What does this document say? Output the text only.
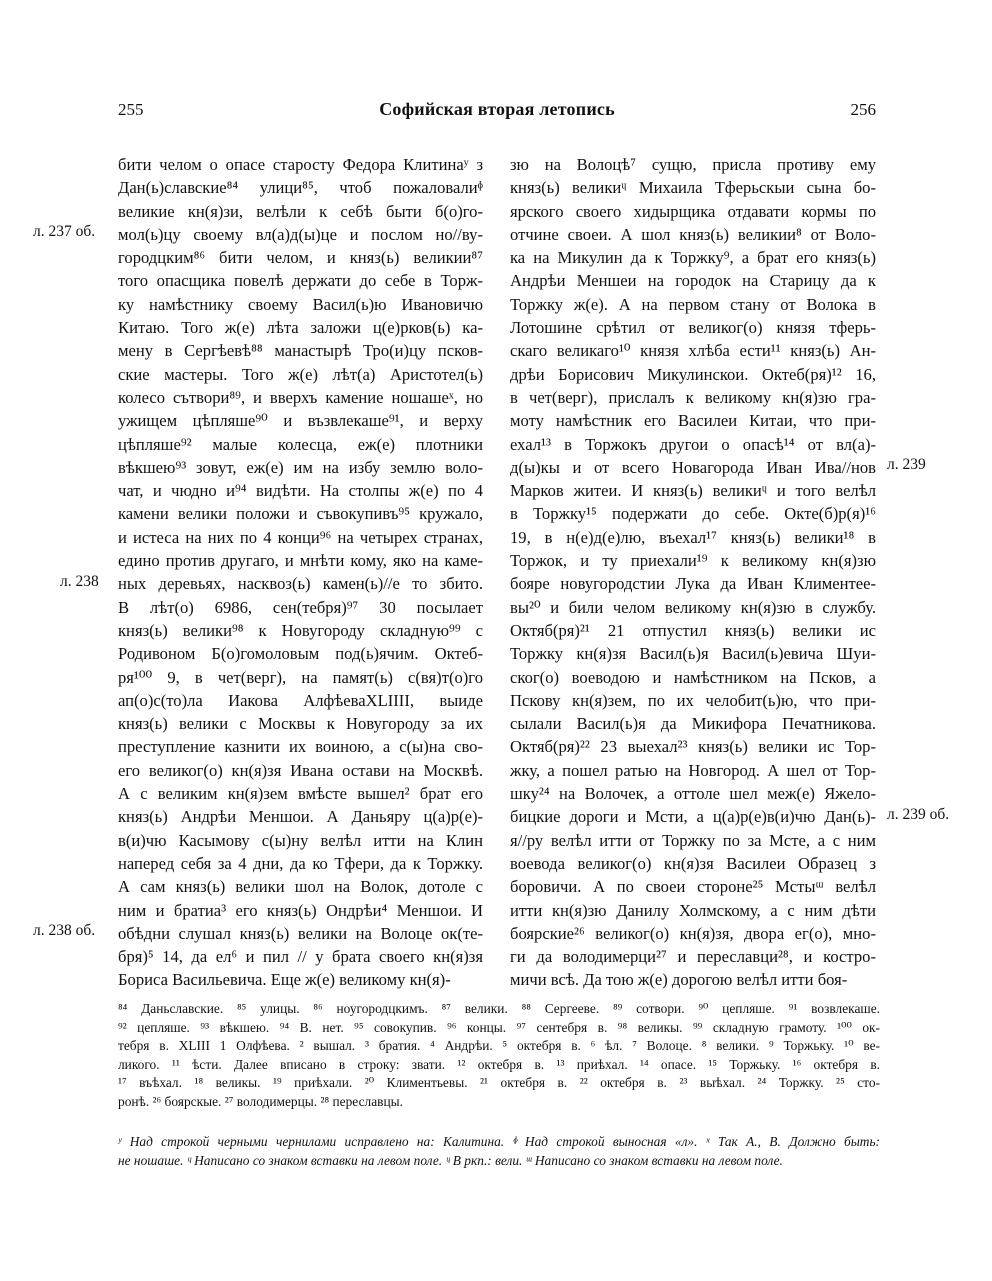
255	Софийская вторая летопись	256
бити челом о опасе старосту Федора Клитинаʸ з
Дан(ь)славские⁸⁴ улици⁸⁵, чтоб пожаловалиᶲ
великие кн(я)зи, велѣли к себѣ быти б(о)го-
мол(ь)цу своему вл(а)д(ы)це и послом но//ву-
городцким⁸⁶ бити челом, и княз(ь) великии⁸⁷
того опасщика повелѣ держати до себе в Торж-
ку намѣстнику своему Васил(ь)ю Ивановичю
Китаю. Того ж(е) лѣта заложи ц(е)рков(ь) ка-
мену в Сергѣевѣ⁸⁸ манастырѣ Тро(и)цу псков-
ские мастеры. Того ж(е) лѣт(а) Аристотел(ь)
колесо сътвори⁸⁹, и вверхъ камение ношашеˣ, но
ужищем цѣпляше⁹⁰ и възвлекаше⁹¹, и верху
цѣпляше⁹² малые колесца, еж(е) плотники
вѣкшею⁹³ зовут, еж(е) им на избу землю воло-
чат, и чюдно и⁹⁴ видѣти. На столпы ж(е) по 4
камени велики положи и съвокупивъ⁹⁵ кружало,
и истеса на них по 4 конци⁹⁶ на четырех странах,
едино против другаго, и мнѣти кому, яко на каме-
ных деревьях, насквоз(ь) камен(ь)//е то збито.
В лѣт(о) 6986, сен(тебря)⁹⁷ 30 посылает
княз(ь) велики⁹⁸ к Новугороду складную⁹⁹ с
Родивоном Б(о)гомоловым под(ь)ячим. Октеб-
ря¹⁰⁰ 9, в чет(верг), на памят(ь) с(вя)т(о)го
ап(о)с(то)ла Иакова АлфѣеваXLIIII, выиде
княз(ь) велики с Москвы к Новугороду за их
преступление казнити их воиною, а с(ы)на сво-
его великог(о) кн(я)зя Ивана остави на Москвѣ.
А с великим кн(я)зем вмѣсте вышел² брат его
княз(ь) Андрѣи Меншои. А Даньяру ц(а)р(е)-
в(и)чю Касымову с(ы)ну велѣл итти на Клин
наперед себя за 4 дни, да ко Тфери, да к Торжку.
А сам княз(ь) велики шол на Волок, дотоле с
ним и братиа³ его княз(ь) Ондрѣи⁴ Меншои. И
обѣдни слушал княз(ь) велики на Волоце ок(те-
бря)⁵ 14, да ел⁶ и пил // у брата своего кн(я)зя
Бориса Васильевича. Еще ж(е) великому кн(я)-
зю на Волоцѣ⁷ сущю, присла противу ему
княз(ь) великиᶣ Михаила Тферьскыи сына бо-
ярского своего хидырщика отдавати кормы по
отчине своеи. А шол княз(ь) великии⁸ от Воло-
ка на Микулин да к Торжку⁹, а брат его княз(ь)
Андрѣи Меншеи на городок на Старицу да к
Торжку ж(е). А на первом стану от Волока в
Лотошине срѣтил от великог(о) князя тферь-
скаго великаго¹⁰ князя хлѣба ести¹¹ княз(ь) Ан-
дрѣи Борисович Микулинскои. Октеб(ря)¹² 16,
в чет(верг), прислалъ к великому кн(я)зю гра-
моту намѣстник его Василеи Китаи, что при-
ехал¹³ в Торжокъ другои о опасѣ¹⁴ от вл(а)-
д(ы)кы и от всего Новагорода Иван Ива//нов
Марков житеи. И княз(ь) великиᶣ и того велѣл
в Торжку¹⁵ подержати до себе. Окте(б)р(я)¹⁶
19, в н(е)д(е)лю, въехал¹⁷ княз(ь) велики¹⁸ в
Торжок, и ту приехали¹⁹ к великому кн(я)зю
бояре новугородстии Лука да Иван Климентее-
вы²⁰ и били челом великому кн(я)зю в службу.
Октяб(ря)²¹ 21 отпустил княз(ь) велики ис
Торжку кн(я)зя Васил(ь)я Васил(ь)евича Шуи-
ског(о) воеводою и намѣстником на Псков, а
Пскову кн(я)зем, по их челобит(ь)ю, что при-
сылали Васил(ь)я да Микифора Печатникова.
Октяб(ря)²² 23 выехал²³ княз(ь) велики ис Тор-
жку, а пошел ратью на Новгород. А шел от Тор-
шку²⁴ на Волочек, а оттоле шел меж(е) Яжело-
бицкие дороги и Мсти, а ц(а)р(е)в(и)чю Дан(ь)-
я//ру велѣл итти от Торжку по за Мсте, а с ним
воевода великог(о) кн(я)зя Василеи Образец з
боровичи. А по своеи стороне²⁵ Мстыᵚ велѣл
итти кн(я)зю Данилу Холмскому, а с ним дѣти
боярские²⁶ великог(о) кн(я)зя, двора ег(о), мно-
ги да володимерци²⁷ и переславци²⁸, и костро-
мичи всѣ. Да тою ж(е) дорогою велѣл итти боя-
л. 237 об.
л. 238
л. 238 об.
л. 239
л. 239 об.
⁸⁴ Даньславские. ⁸⁵ улицы. ⁸⁶ ноугородцкимъ. ⁸⁷ велики. ⁸⁸ Сергееве. ⁸⁹ сотвори. ⁹⁰ цепляше. ⁹¹ возвлекаше.
⁹² цепляше. ⁹³ вѣкшею. ⁹⁴ В. нет. ⁹⁵ совокупив. ⁹⁶ концы. ⁹⁷ сентебря в. ⁹⁸ великы. ⁹⁹ складную грамоту. ¹⁰⁰ ок-
тебря в. XLIII 1 Олфѣева. ² вышал. ³ братия. ⁴ Андрѣи. ⁵ октебря в. ⁶ ѣл. ⁷ Волоце. ⁸ велики. ⁹ Торжьку. ¹⁰ ве-
ликого. ¹¹ ѣсти. Далее вписано в строку: звати. ¹² октебря в. ¹³ приѣхал. ¹⁴ опасе. ¹⁵ Торжьку. ¹⁶ октебря в.
¹⁷ въѣхал. ¹⁸ великы. ¹⁹ приѣхали. ²⁰ Климентьевы. ²¹ октебря в. ²² октебря в. ²³ выѣхал. ²⁴ Торжку. ²⁵ сто-
ронѣ. ²⁶ боярскые. ²⁷ володимерцы. ²⁸ переславцы.
ʸ Над строкой черными чернилами исправлено на: Калитина. ᶲ Над строкой выносная «л». ˣ Так А., В. Должно быть:
не ношаше. ᶣ Написано со знаком вставки на левом поле. ᶣ В ркп.: вели. ᵚ Написано со знаком вставки на левом поле.
